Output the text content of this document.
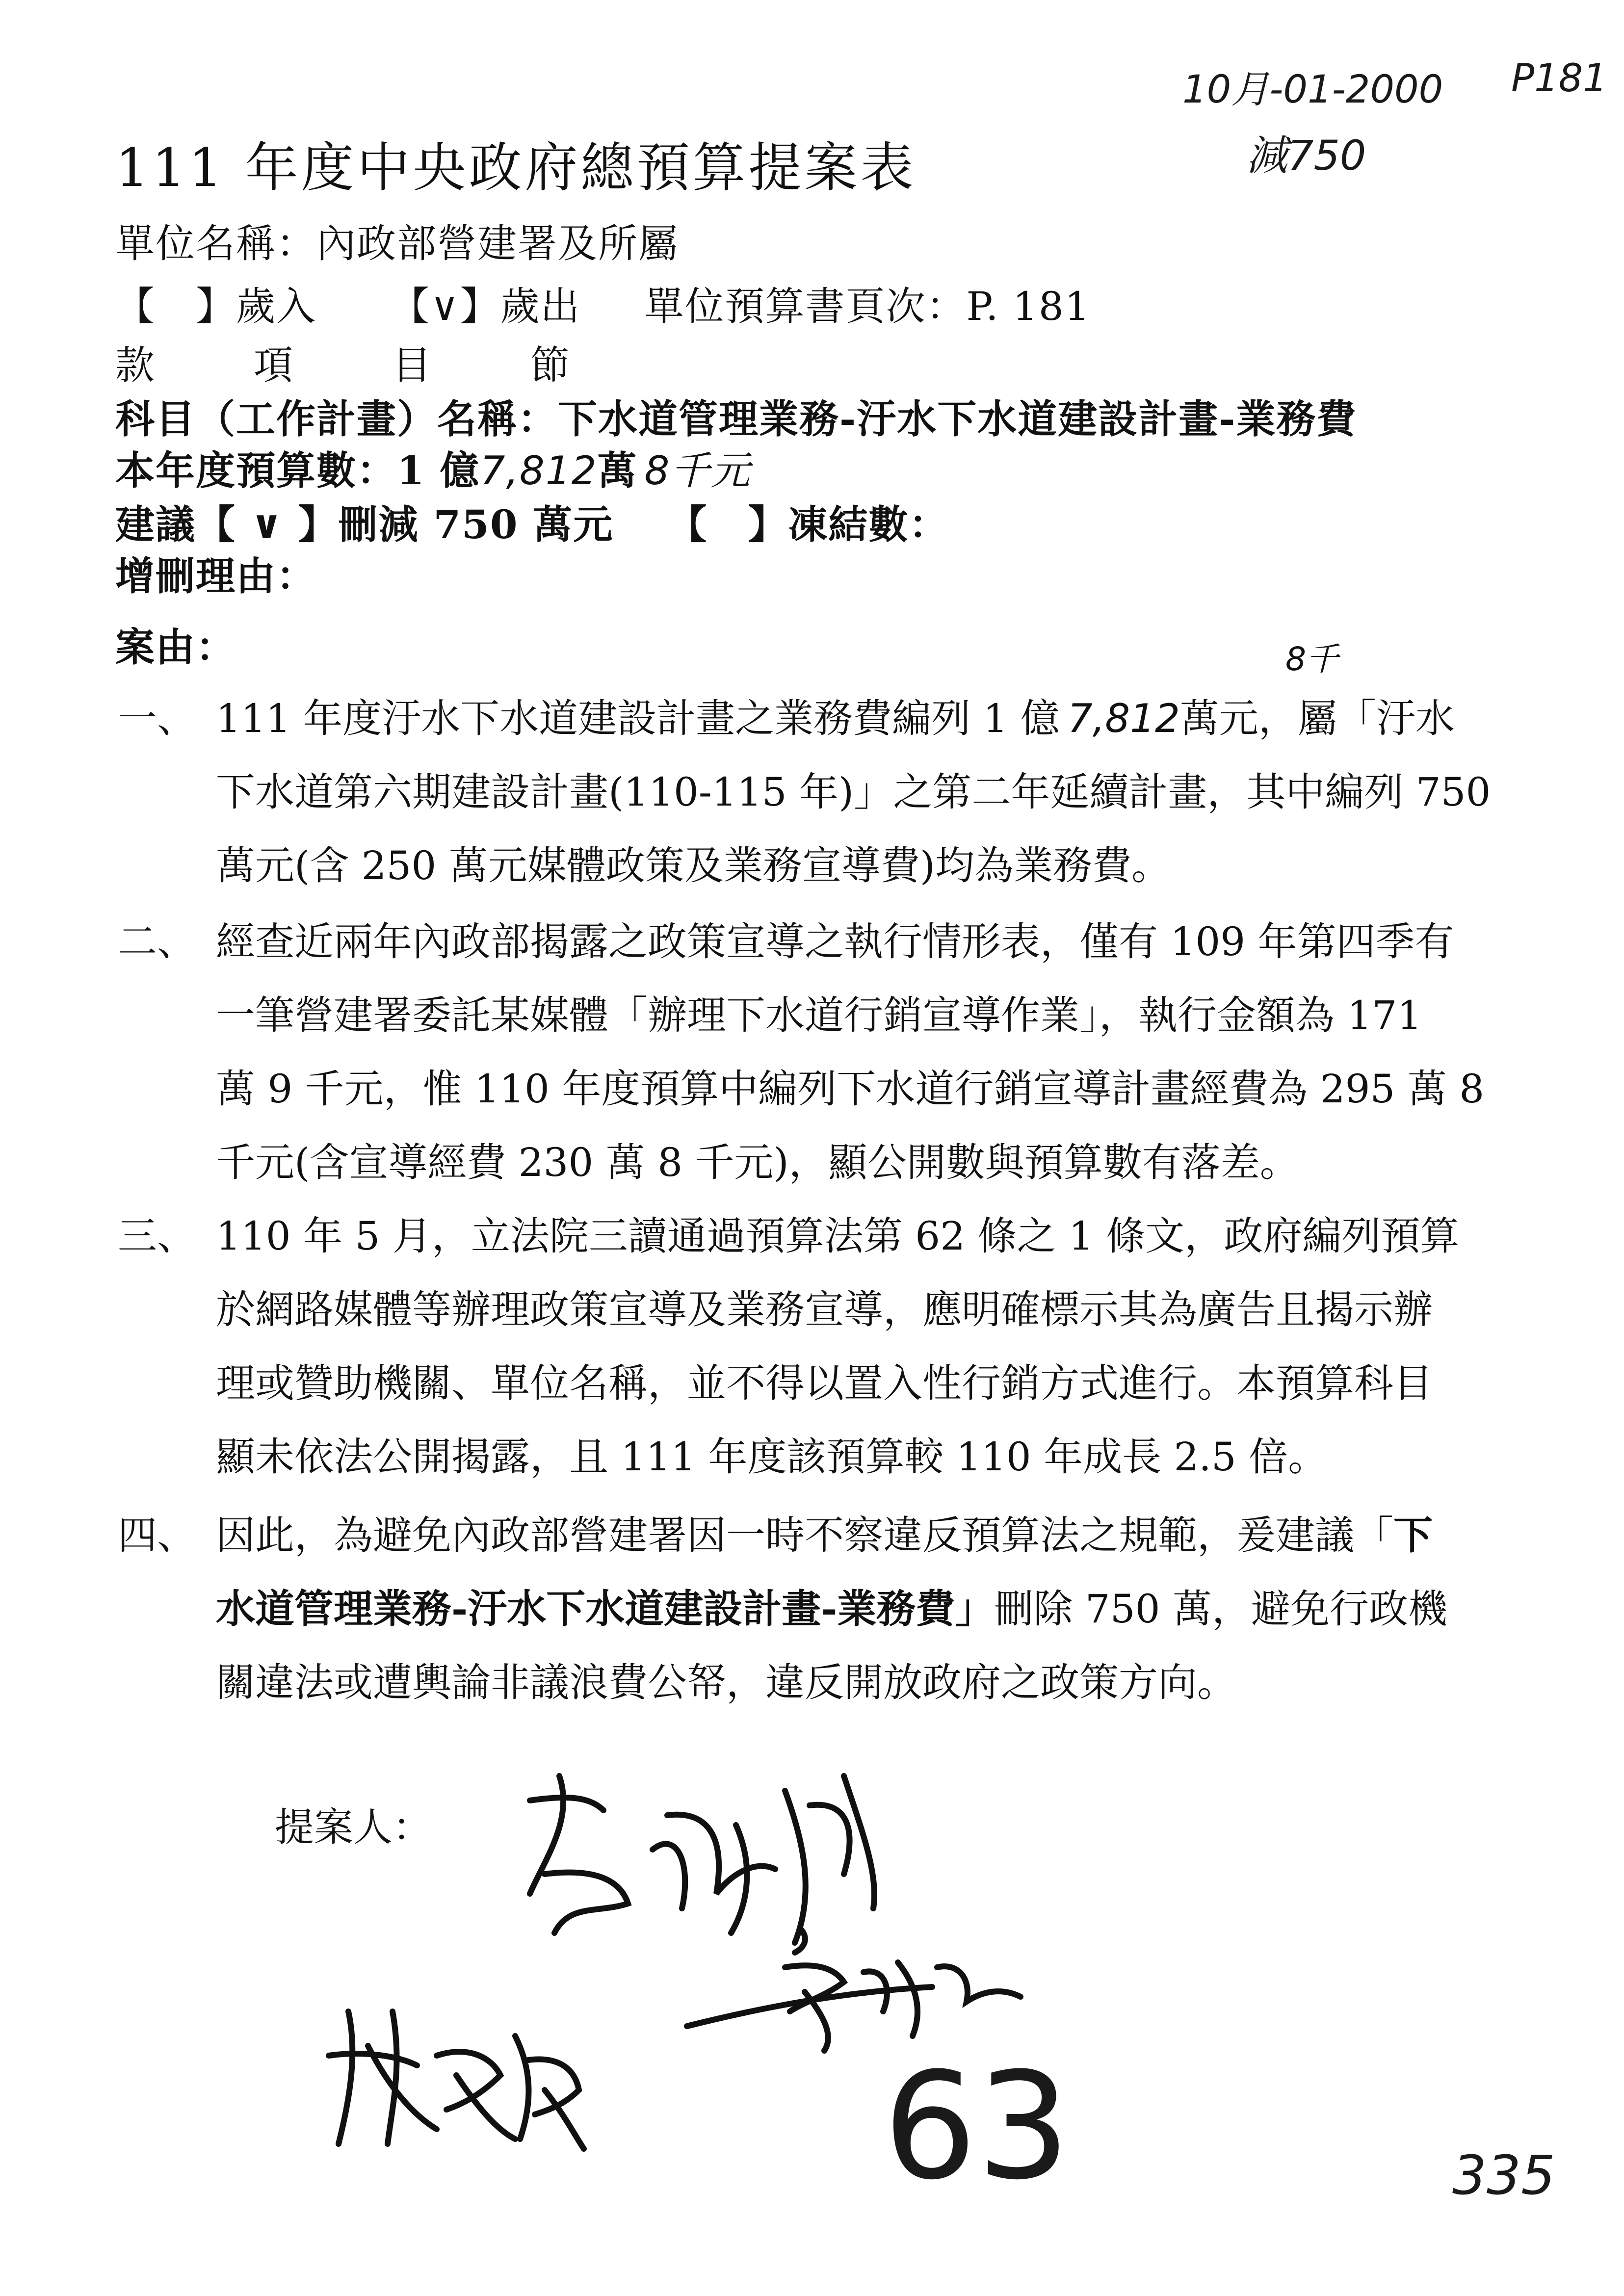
10月-01-2000 P181
減750
111 年度中央政府總預算提案表
單位名稱：內政部營建署及所屬
【　】歲入 【∨】歲出 單位預算書頁次：P. 181
款	項	目	節
科目（工作計畫）名稱：下水道管理業務-汙水下水道建設計畫-業務費
本年度預算數：1 億7,812萬 8千元
建議【 ∨ 】刪減 750 萬元 【　】凍結數：
增刪理由：
案由：
一、
8千
111 年度汙水下水道建設計畫之業務費編列 1 億 7,812萬元，屬「汙水
下水道第六期建設計畫(110-115 年)」之第二年延續計畫，其中編列 750
萬元(含 250 萬元媒體政策及業務宣導費)均為業務費。
二、 經查近兩年內政部揭露之政策宣導之執行情形表，僅有 109 年第四季有
一筆營建署委託某媒體「辦理下水道行銷宣導作業」，執行金額為 171
萬 9 千元，惟 110 年度預算中編列下水道行銷宣導計畫經費為 295 萬 8
千元(含宣導經費 230 萬 8 千元)，顯公開數與預算數有落差。
三、 110 年 5 月，立法院三讀通過預算法第 62 條之 1 條文，政府編列預算
於網路媒體等辦理政策宣導及業務宣導，應明確標示其為廣告且揭示辦
理或贊助機關、單位名稱，並不得以置入性行銷方式進行。本預算科目
顯未依法公開揭露，且 111 年度該預算較 110 年成長 2.5 倍。
四、 因此，為避免內政部營建署因一時不察違反預算法之規範，爰建議「下
水道管理業務-汙水下水道建設計畫-業務費」刪除 750 萬，避免行政機
關違法或遭輿論非議浪費公帑，違反開放政府之政策方向。
提案人：
63	335
